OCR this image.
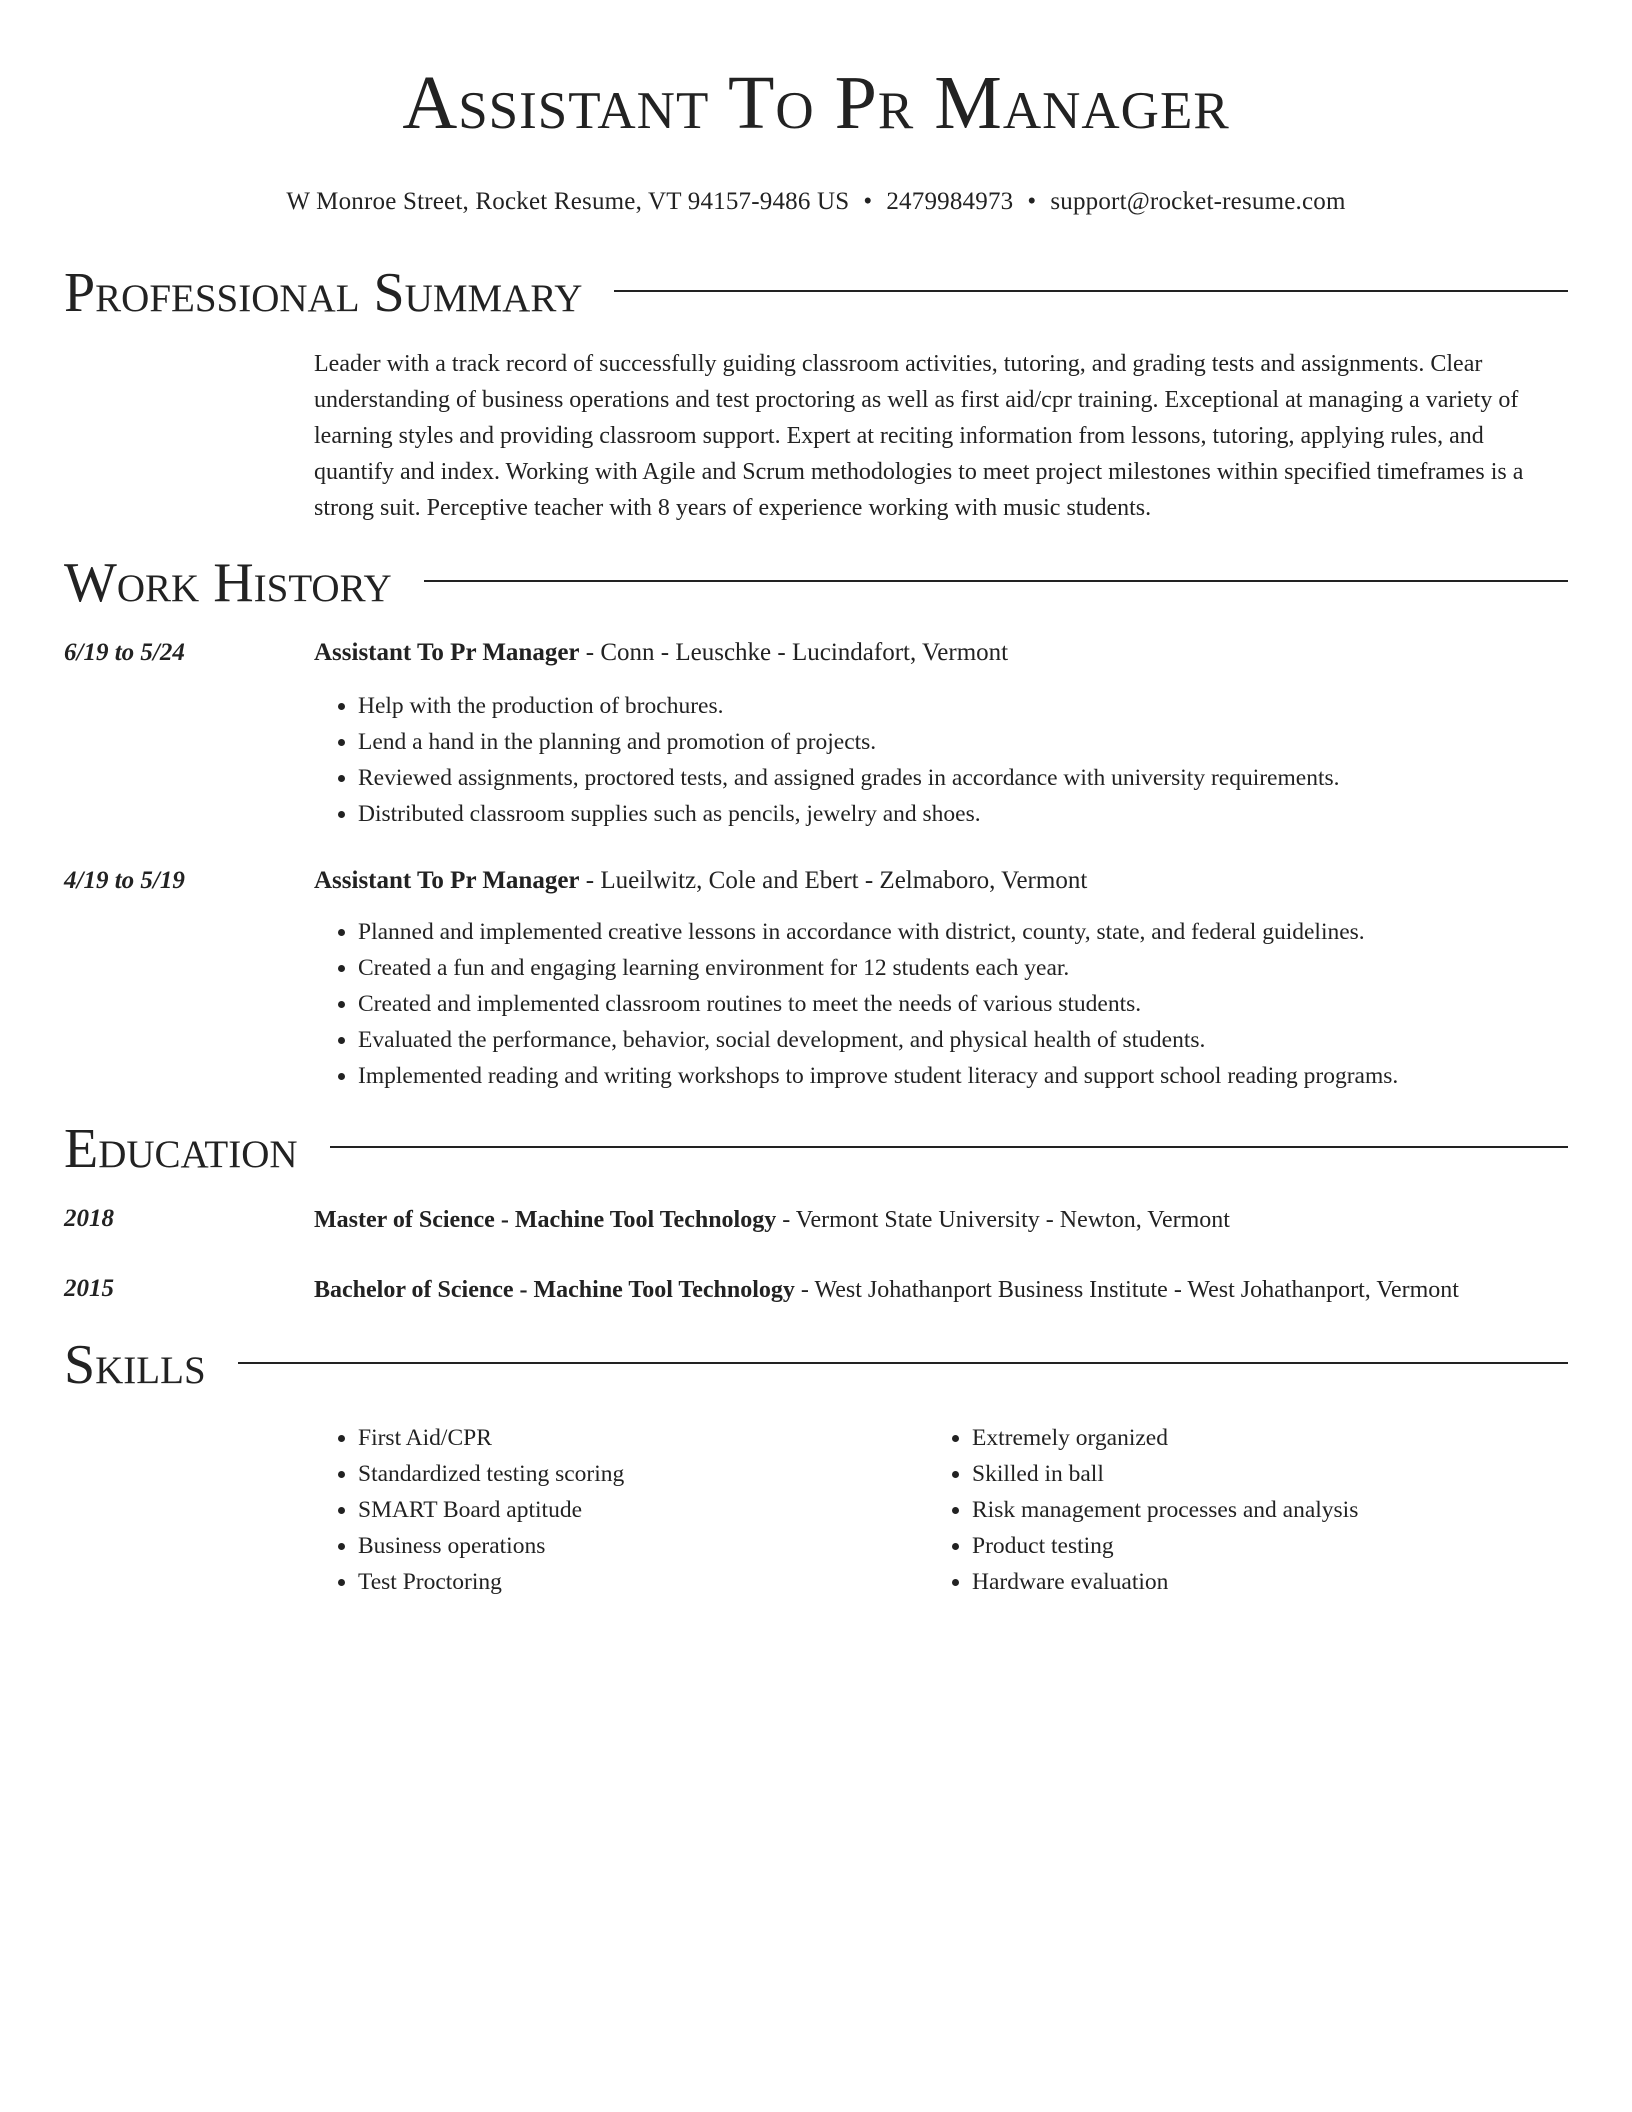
Assistant To Pr Manager
W Monroe Street, Rocket Resume, VT 94157-9486 US • 2479984973 • support@rocket-resume.com
Professional Summary
Leader with a track record of successfully guiding classroom activities, tutoring, and grading tests and assignments. Clear understanding of business operations and test proctoring as well as first aid/cpr training. Exceptional at managing a variety of learning styles and providing classroom support. Expert at reciting information from lessons, tutoring, applying rules, and quantify and index. Working with Agile and Scrum methodologies to meet project milestones within specified timeframes is a strong suit. Perceptive teacher with 8 years of experience working with music students.
Work History
6/19 to 5/24	Assistant To Pr Manager - Conn - Leuschke - Lucindafort, Vermont
• Help with the production of brochures.
• Lend a hand in the planning and promotion of projects.
• Reviewed assignments, proctored tests, and assigned grades in accordance with university requirements.
• Distributed classroom supplies such as pencils, jewelry and shoes.
4/19 to 5/19	Assistant To Pr Manager - Lueilwitz, Cole and Ebert - Zelmaboro, Vermont
• Planned and implemented creative lessons in accordance with district, county, state, and federal guidelines.
• Created a fun and engaging learning environment for 12 students each year.
• Created and implemented classroom routines to meet the needs of various students.
• Evaluated the performance, behavior, social development, and physical health of students.
• Implemented reading and writing workshops to improve student literacy and support school reading programs.
Education
2018	Master of Science - Machine Tool Technology - Vermont State University - Newton, Vermont
2015	Bachelor of Science - Machine Tool Technology - West Johathanport Business Institute - West Johathanport, Vermont
Skills
• First Aid/CPR
• Standardized testing scoring
• SMART Board aptitude
• Business operations
• Test Proctoring
• Extremely organized
• Skilled in ball
• Risk management processes and analysis
• Product testing
• Hardware evaluation
